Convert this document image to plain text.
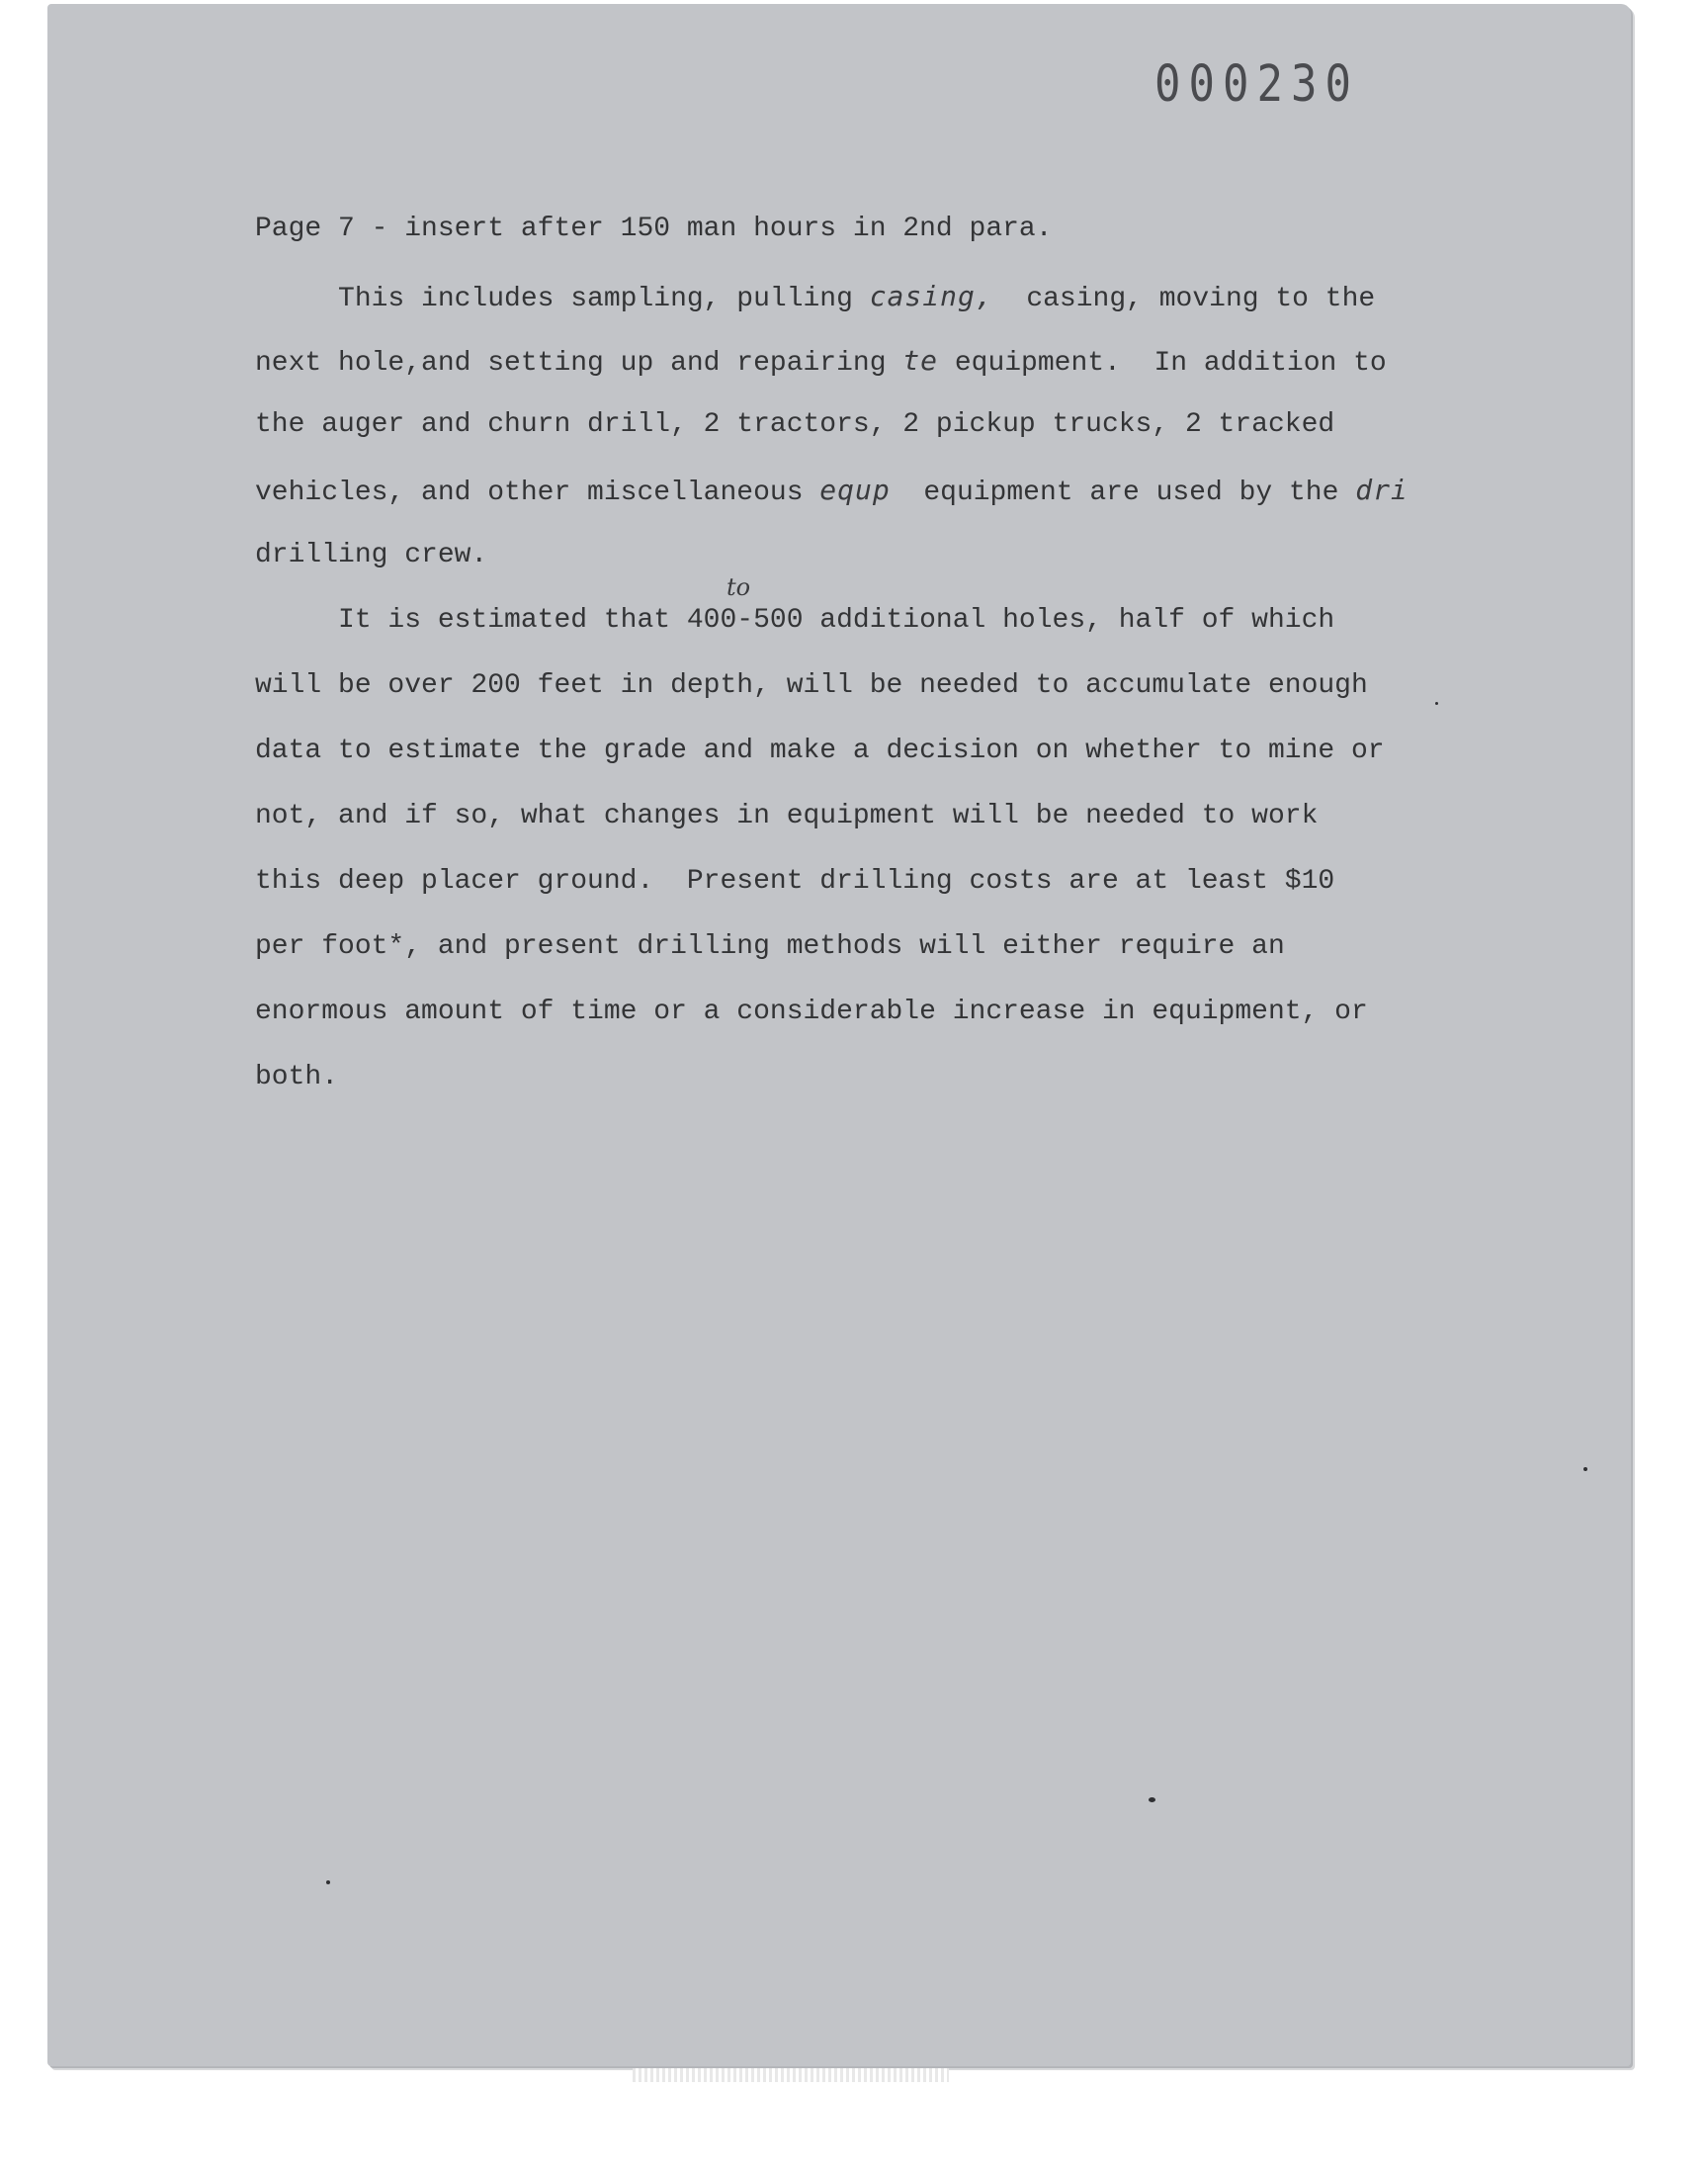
000230
Page 7 - insert after 150 man hours in 2nd para.
This includes sampling, pulling casing,  casing, moving to the
next hole,and setting up and repairing te equipment.  In addition to
the auger and churn drill, 2 tractors, 2 pickup trucks, 2 tracked
vehicles, and other miscellaneous equp  equipment are used by the dri
drilling crew.
to
It is estimated that 400-500 additional holes, half of which
will be over 200 feet in depth, will be needed to accumulate enough
data to estimate the grade and make a decision on whether to mine or
not, and if so, what changes in equipment will be needed to work
this deep placer ground.  Present drilling costs are at least $10
per foot*, and present drilling methods will either require an
enormous amount of time or a considerable increase in equipment, or
both.
